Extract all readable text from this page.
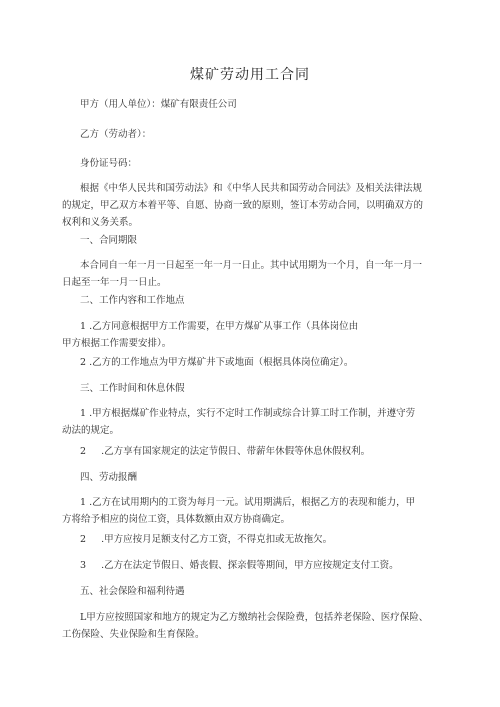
煤矿劳动用工合同
甲方（用人单位）：煤矿有限责任公司
乙方（劳动者）：
身份证号码：
根据《中华人民共和国劳动法》和《中华人民共和国劳动合同法》及相关法律法规
的规定，甲乙双方本着平等、自愿、协商一致的原则，签订本劳动合同，以明确双方的
权利和义务关系。
一、合同期限
本合同自一年一月一日起至一年一月一日止。其中试用期为一个月，自一年一月一
日起至一年一月一日止。
二、工作内容和工作地点
1 .乙方同意根据甲方工作需要，在甲方煤矿从事工作（具体岗位由
甲方根据工作需要安排）。
2 .乙方的工作地点为甲方煤矿井下或地面（根据具体岗位确定）。
三、工作时间和休息休假
1 .甲方根据煤矿作业特点，实行不定时工作制或综合计算工时工作制，并遵守劳
动法的规定。
2     .乙方享有国家规定的法定节假日、带薪年休假等休息休假权利。
四、劳动报酬
1 .乙方在试用期内的工资为每月一元。试用期满后，根据乙方的表现和能力，甲
方将给予相应的岗位工资，具体数额由双方协商确定。
2     .甲方应按月足额支付乙方工资，不得克扣或无故拖欠。
3     .乙方在法定节假日、婚丧假、探亲假等期间，甲方应按规定支付工资。
五、社会保险和福利待遇
L甲方应按照国家和地方的规定为乙方缴纳社会保险费，包括养老保险、医疗保险、
工伤保险、失业保险和生育保险。
